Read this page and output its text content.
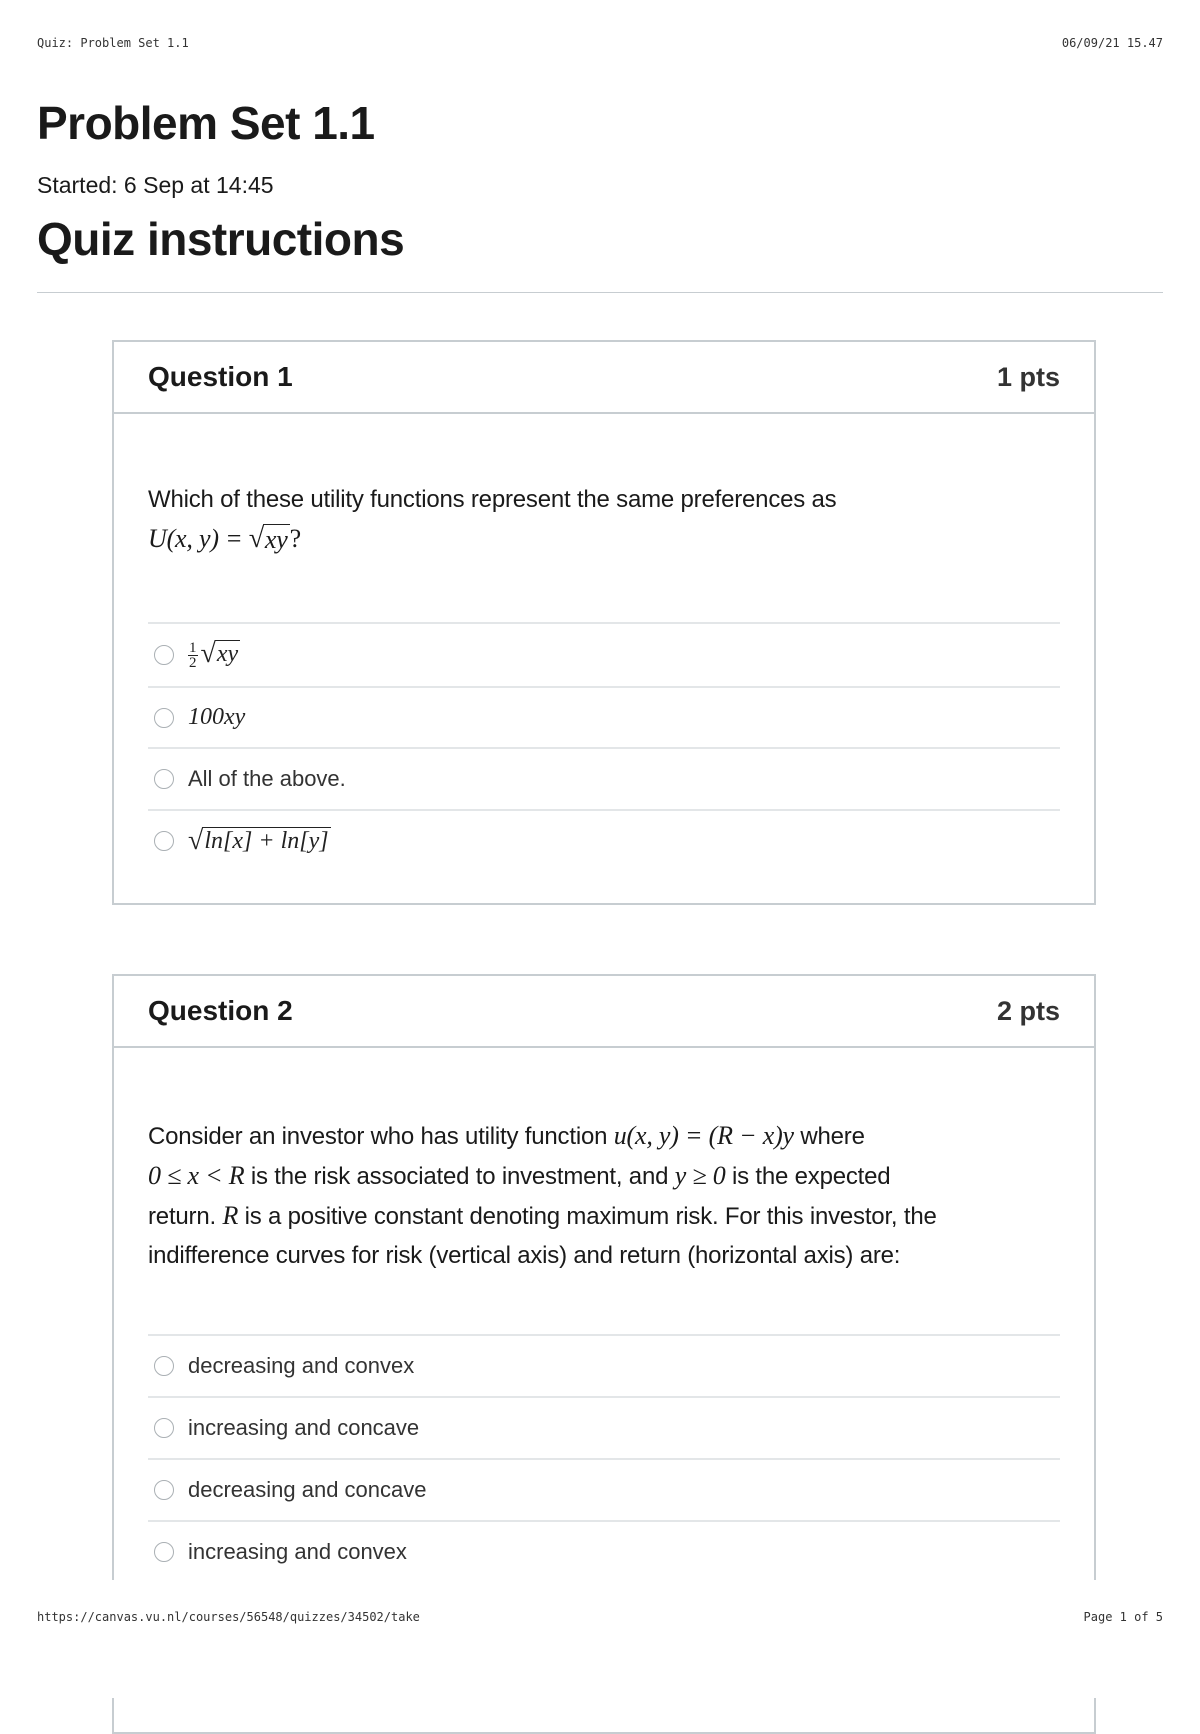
Quiz: Problem Set 1.1	06/09/21 15.47
Problem Set 1.1
Started: 6 Sep at 14:45
Quiz instructions
Question 1	1 pts
Which of these utility functions represent the same preferences as
U(x, y) = √ xy ?
$\frac{1}{2}$ √ xy
100xy
All of the above.
√ ln[x] + ln[y]
Question 2	2 pts
Consider an investor who has utility function u(x, y) = (R − x)y where
0 ≤ x < R is the risk associated to investment, and y ≥ 0 is the expected
return. R is a positive constant denoting maximum risk. For this investor, the
indifference curves for risk (vertical axis) and return (horizontal axis) are:
decreasing and convex
increasing and concave
decreasing and concave
increasing and convex
https://canvas.vu.nl/courses/56548/quizzes/34502/take	Page 1 of 5
